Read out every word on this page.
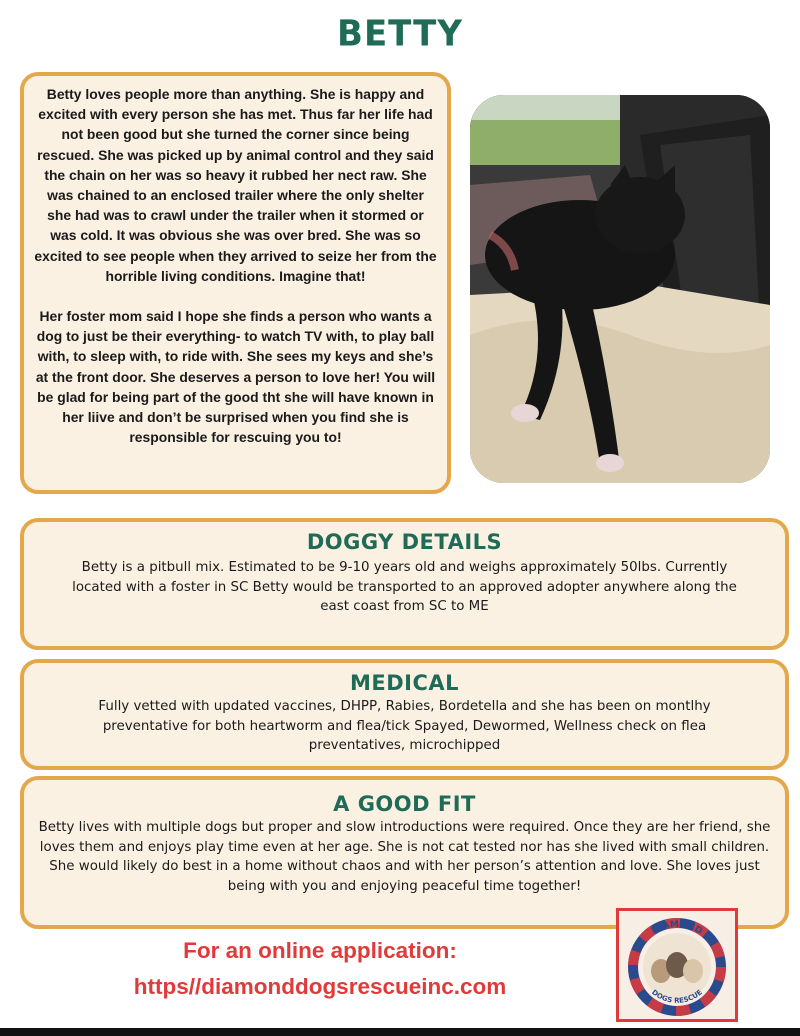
BETTY

Betty loves people more than anything. She is happy and excited with every person she has met. Thus far her life had not been good but she turned the corner since being rescued. She was picked up by animal control and they said the chain on her was so heavy it rubbed her nect raw. She was chained to an enclosed trailer where the only shelter she had was to crawl under the trailer when it stormed or was cold. It was obvious she was over bred. She was so excited to see people when they arrived to seize her from the horrible living conditions. Imagine that!

Her foster mom said I hope she finds a person who wants a dog to just be their everything- to watch TV with, to play ball with, to sleep with, to ride with. She sees my keys and she’s at the front door. She deserves a person to love her! You will be glad for being part of the good tht she will have known in her liive and don’t be surprised when you find she is responsible for rescuing you to!

DOGGY DETAILS
Betty is a pitbull mix. Estimated to be 9-10 years old and weighs approximately 50lbs. Currently located with a foster in SC Betty would be transported to an approved adopter anywhere along the east coast from SC to ME
MEDICAL
Fully vetted with updated vaccines, DHPP, Rabies, Bordetella and she has been on montlhy preventative for both heartworm and flea/tick Spayed, Dewormed, Wellness check on flea preventatives, microchipped
A GOOD FIT
Betty lives with multiple dogs but proper and slow introductions were required. Once they are her friend, she loves them and enjoys play time even at her age. She is not cat tested nor has she lived with small children. She would likely do best in a home without chaos and with her person’s attention and love. She loves just being with you and enjoying peaceful time together!
For an online application:
https//diamonddogsrescueinc.com
DIAMOND
DOGS RESCUE
